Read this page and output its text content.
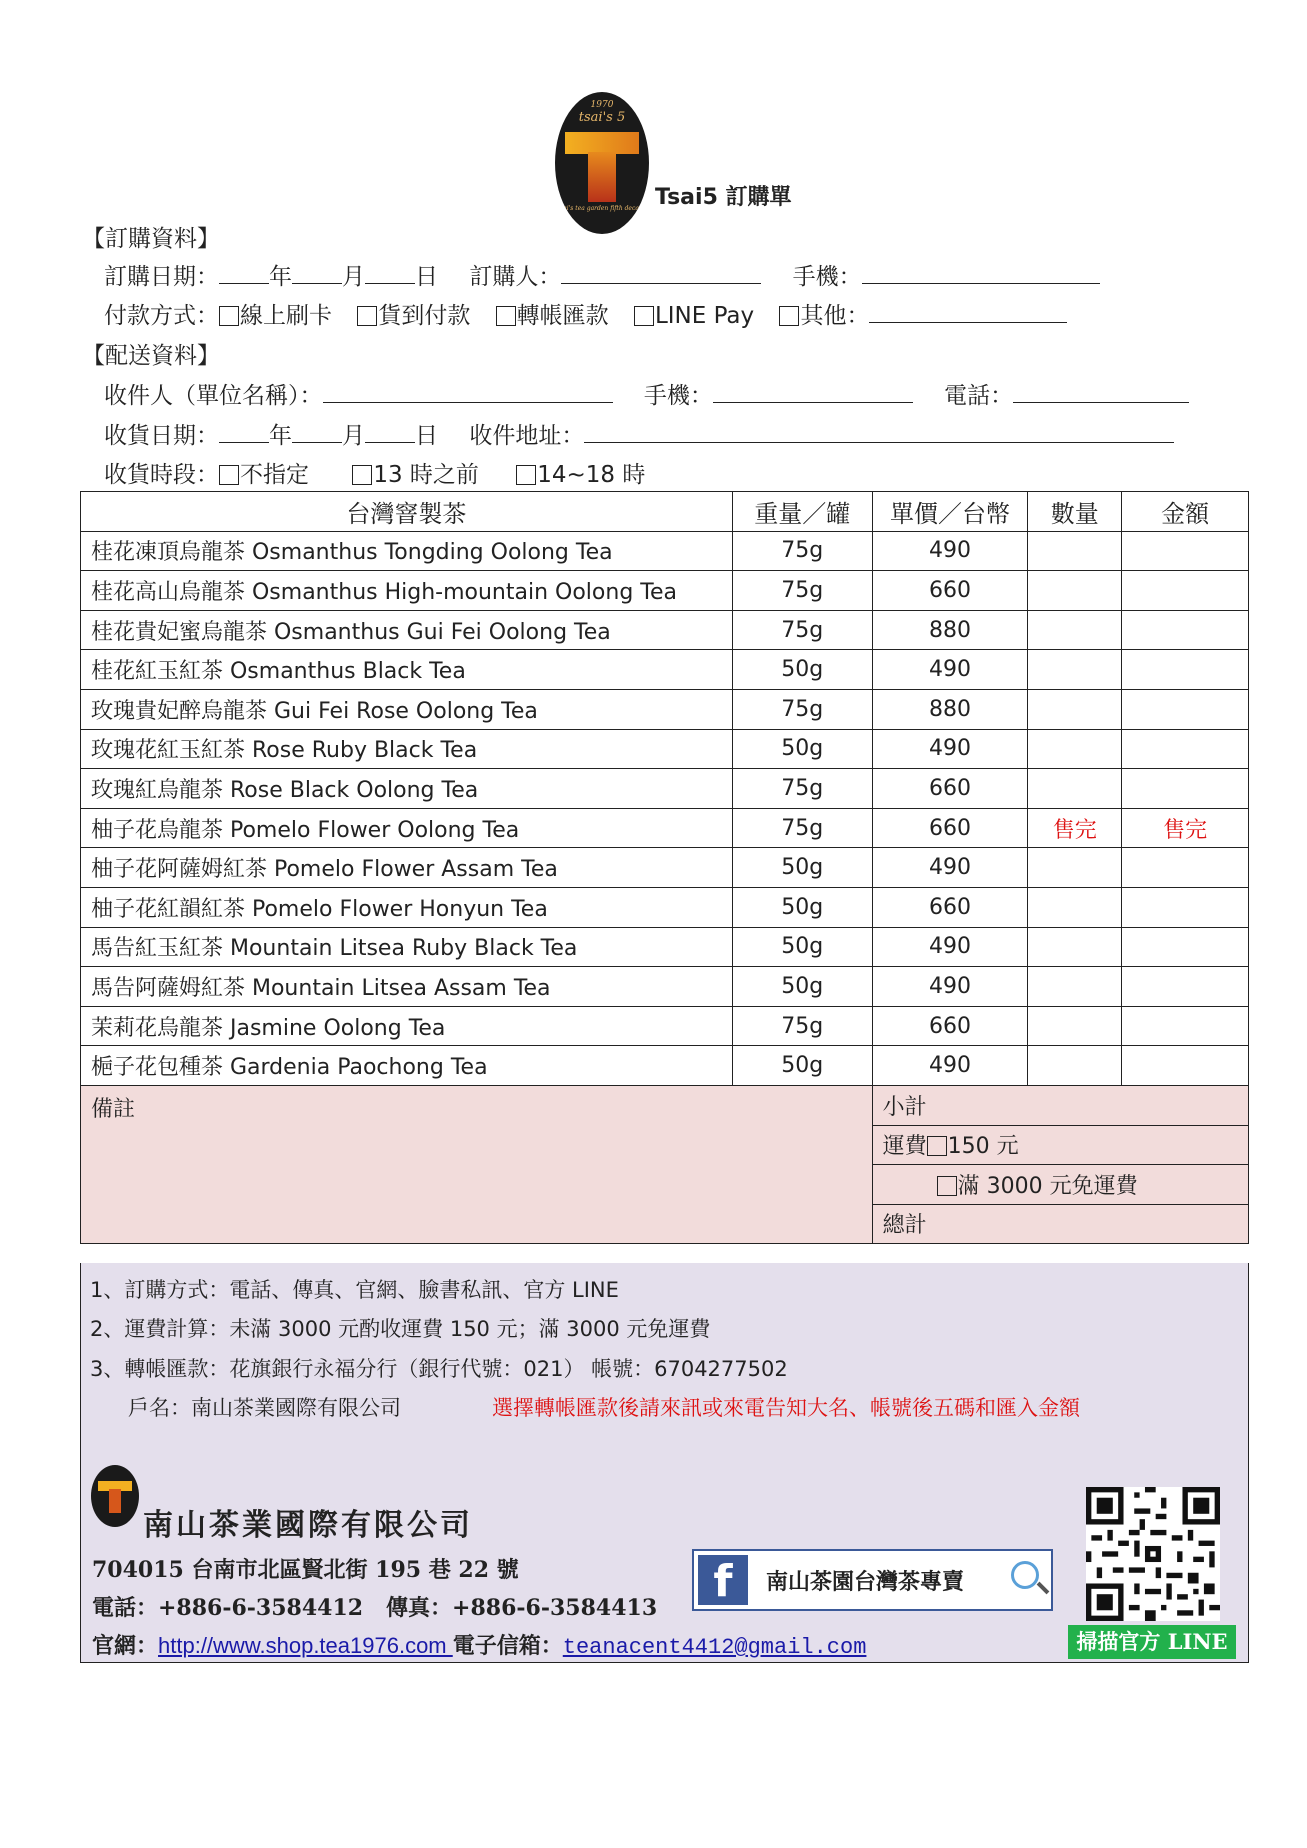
1970
tsai's 5
tsai's tea garden fifth decade Tsai5 訂購單
【訂購資料】
訂購日期： 年 月 日 訂購人：	手機：
付款方式： 線上刷卡 貨到付款 轉帳匯款 LINE Pay 其他：
【配送資料】
收件人（單位名稱）：	手機：	電話：
收貨日期： 年 月 日 收件地址：
收貨時段： 不指定	13 時之前	14~18 時
台灣窨製茶	重量／罐	單價／台幣	數量	金額
桂花凍頂烏龍茶 Osmanthus Tongding Oolong Tea	75g	490		
桂花高山烏龍茶 Osmanthus High-mountain Oolong Tea	75g	660		
桂花貴妃蜜烏龍茶 Osmanthus Gui Fei Oolong Tea	75g	880		
桂花紅玉紅茶 Osmanthus Black Tea	50g	490		
玫瑰貴妃醉烏龍茶 Gui Fei Rose Oolong Tea	75g	880		
玫瑰花紅玉紅茶 Rose Ruby Black Tea	50g	490		
玫瑰紅烏龍茶 Rose Black Oolong Tea	75g	660		
柚子花烏龍茶 Pomelo Flower Oolong Tea	75g	660	售完	售完
柚子花阿薩姆紅茶 Pomelo Flower Assam Tea	50g	490		
柚子花紅韻紅茶 Pomelo Flower Honyun Tea	50g	660		
馬告紅玉紅茶 Mountain Litsea Ruby Black Tea	50g	490		
馬告阿薩姆紅茶 Mountain Litsea Assam Tea	50g	490		
茉莉花烏龍茶 Jasmine Oolong Tea	75g	660		
梔子花包種茶 Gardenia Paochong Tea	50g	490		
備註		小計		
		運費 150 元		
		滿 3000 元免運費		
		總計		
1、訂購方式：電話、傳真、官網、臉書私訊、官方 LINE
2、運費計算：未滿 3000 元酌收運費 150 元；滿 3000 元免運費
3、轉帳匯款：花旗銀行永福分行（銀行代號：021） 帳號：6704277502
戶名：南山茶業國際有限公司	選擇轉帳匯款後請來訊或來電告知大名、帳號後五碼和匯入金額
南山茶業國際有限公司
704015 台南市北區賢北街 195 巷 22 號
電話：+886-6-3584412   傳真：+886-6-3584413
官網：http://www.shop.tea1976.com 電子信箱：teanacent4412@gmail.com
f	南山茶園台灣茶專賣
掃描官方 LINE
